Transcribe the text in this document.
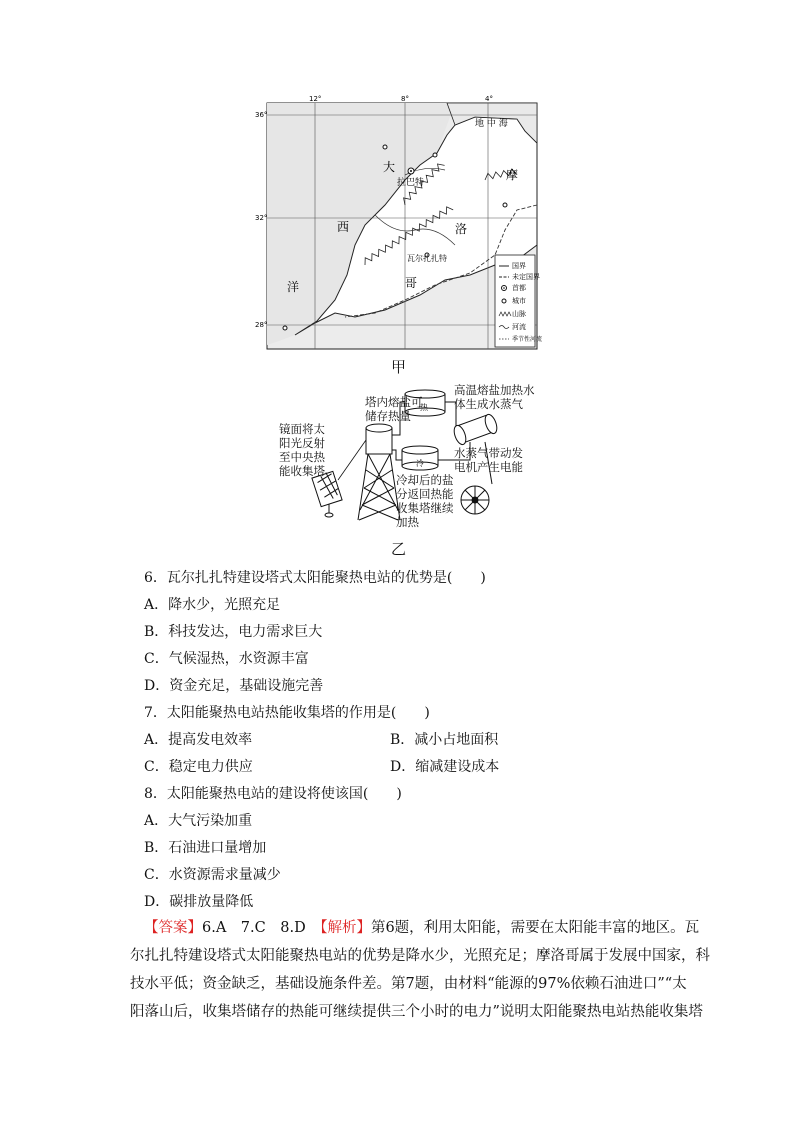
36°
32°
28°
12°	8°	4°
地 中 海
大
西
洋
摩
洛
哥
拉巴特
瓦尔扎扎特
国界
未定国界
首都
城市
山脉
河流
季节性河流
甲
热
冷
镜面将太
阳光反射
至中央热
能收集塔
塔内熔盐可
储存热量
高温熔盐加热水
体生成水蒸气
水蒸气带动发
电机产生电能
冷却后的盐
分返回热能
收集塔继续
加热
乙
6．瓦尔扎扎特建设塔式太阳能聚热电站的优势是(　　)
A．降水少，光照充足
B．科技发达，电力需求巨大
C．气候湿热，水资源丰富
D．资金充足，基础设施完善
7．太阳能聚热电站热能收集塔的作用是(　　)
A．提高发电效率	B．减小占地面积
C．稳定电力供应	D．缩减建设成本
8．太阳能聚热电站的建设将使该国(　　)
A．大气污染加重
B．石油进口量增加
C．水资源需求量减少
D．碳排放量降低
【答案】6.A　7.C　8.D　【解析】第6题，利用太阳能，需要在太阳能丰富的地区。瓦
尔扎扎特建设塔式太阳能聚热电站的优势是降水少，光照充足；摩洛哥属于发展中国家，科
技水平低；资金缺乏，基础设施条件差。第7题，由材料“能源的97%依赖石油进口”“太
阳落山后，收集塔储存的热能可继续提供三个小时的电力”说明太阳能聚热电站热能收集塔
